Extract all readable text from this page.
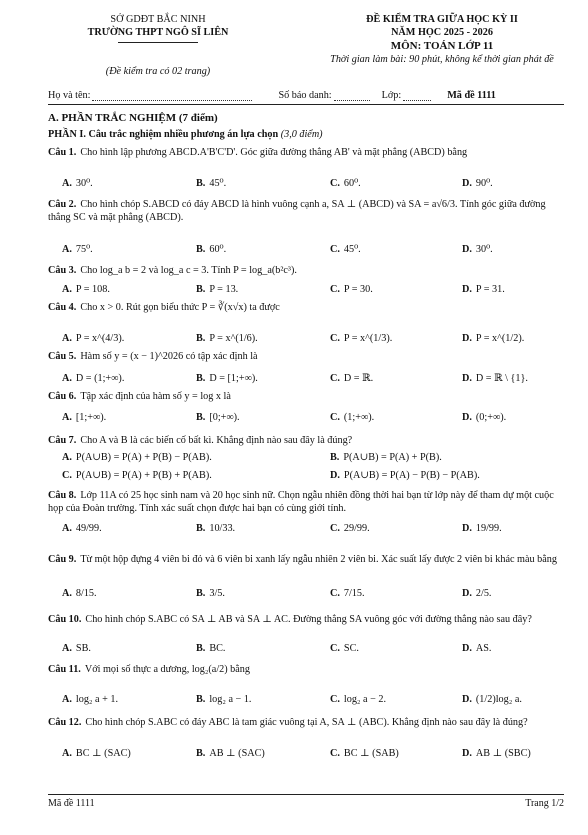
SỞ GDĐT BẮC NINH
TRƯỜNG THPT NGÔ SĨ LIÊN
(Đề kiểm tra có 02 trang)
ĐỀ KIỂM TRA GIỮA HỌC KỲ II
NĂM HỌC 2025 - 2026
MÔN: TOÁN LỚP 11
Thời gian làm bài: 90 phút, không kể thời gian phát đề
Họ và tên:	Số báo danh:	Lớp:	Mã đề 1111
A. PHẦN TRẮC NGHIỆM (7 điểm)
PHẦN I. Câu trắc nghiệm nhiều phương án lựa chọn (3,0 điểm)
Câu 1. Cho hình lập phương ABCD.A'B'C'D'. Góc giữa đường thẳng AB' và mặt phẳng (ABCD) bằng
A. 30⁰.	B. 45⁰.	C. 60⁰.	D. 90⁰.
Câu 2. Cho hình chóp S.ABCD có đáy ABCD là hình vuông cạnh a, SA ⊥ (ABCD) và SA = a√6/3. Tính góc giữa đường thẳng SC và mặt phẳng (ABCD).
A. 75⁰.	B. 60⁰.	C. 45⁰.	D. 30⁰.
Câu 3. Cho log_a b = 2 và log_a c = 3. Tính P = log_a(b²c³).
A. P = 108.	B. P = 13.	C. P = 30.	D. P = 31.
Câu 4. Cho x > 0. Rút gọn biểu thức P = ∛(x√x) ta được
A. P = x^(4/3).	B. P = x^(1/6).	C. P = x^(1/3).	D. P = x^(1/2).
Câu 5. Hàm số y = (x − 1)^2026 có tập xác định là
A. D = (1;+∞).	B. D = [1;+∞).	C. D = ℝ.	D. D = ℝ \ {1}.
Câu 6. Tập xác định của hàm số y = log x là
A. [1;+∞).	B. [0;+∞).	C. (1;+∞).	D. (0;+∞).
Câu 7. Cho A và B là các biến cố bất kì. Khẳng định nào sau đây là đúng?
A. P(A∪B) = P(A) + P(B) − P(AB).	B. P(A∪B) = P(A) + P(B).
C. P(A∪B) = P(A) + P(B) + P(AB).	D. P(A∪B) = P(A) − P(B) − P(AB).
Câu 8. Lớp 11A có 25 học sinh nam và 20 học sinh nữ. Chọn ngẫu nhiên đồng thời hai bạn từ lớp này để tham dự một cuộc họp của Đoàn trường. Tính xác suất chọn được hai bạn có cùng giới tính.
A. 49/99.	B. 10/33.	C. 29/99.	D. 19/99.
Câu 9. Từ một hộp đựng 4 viên bi đỏ và 6 viên bi xanh lấy ngẫu nhiên 2 viên bi. Xác suất lấy được 2 viên bi khác màu bằng
A. 8/15.	B. 3/5.	C. 7/15.	D. 2/5.
Câu 10. Cho hình chóp S.ABC có SA ⊥ AB và SA ⊥ AC. Đường thẳng SA vuông góc với đường thẳng nào sau đây?
A. SB.	B. BC.	C. SC.	D. AS.
Câu 11. Với mọi số thực a dương, log₂(a/2) bằng
A. log₂ a + 1.	B. log₂ a − 1.	C. log₂ a − 2.	D. (1/2)log₂ a.
Câu 12. Cho hình chóp S.ABC có đáy ABC là tam giác vuông tại A, SA ⊥ (ABC). Khẳng định nào sau đây là đúng?
A. BC ⊥ (SAC)	B. AB ⊥ (SAC)	C. BC ⊥ (SAB)	D. AB ⊥ (SBC)
Mã đề 1111	Trang 1/2
